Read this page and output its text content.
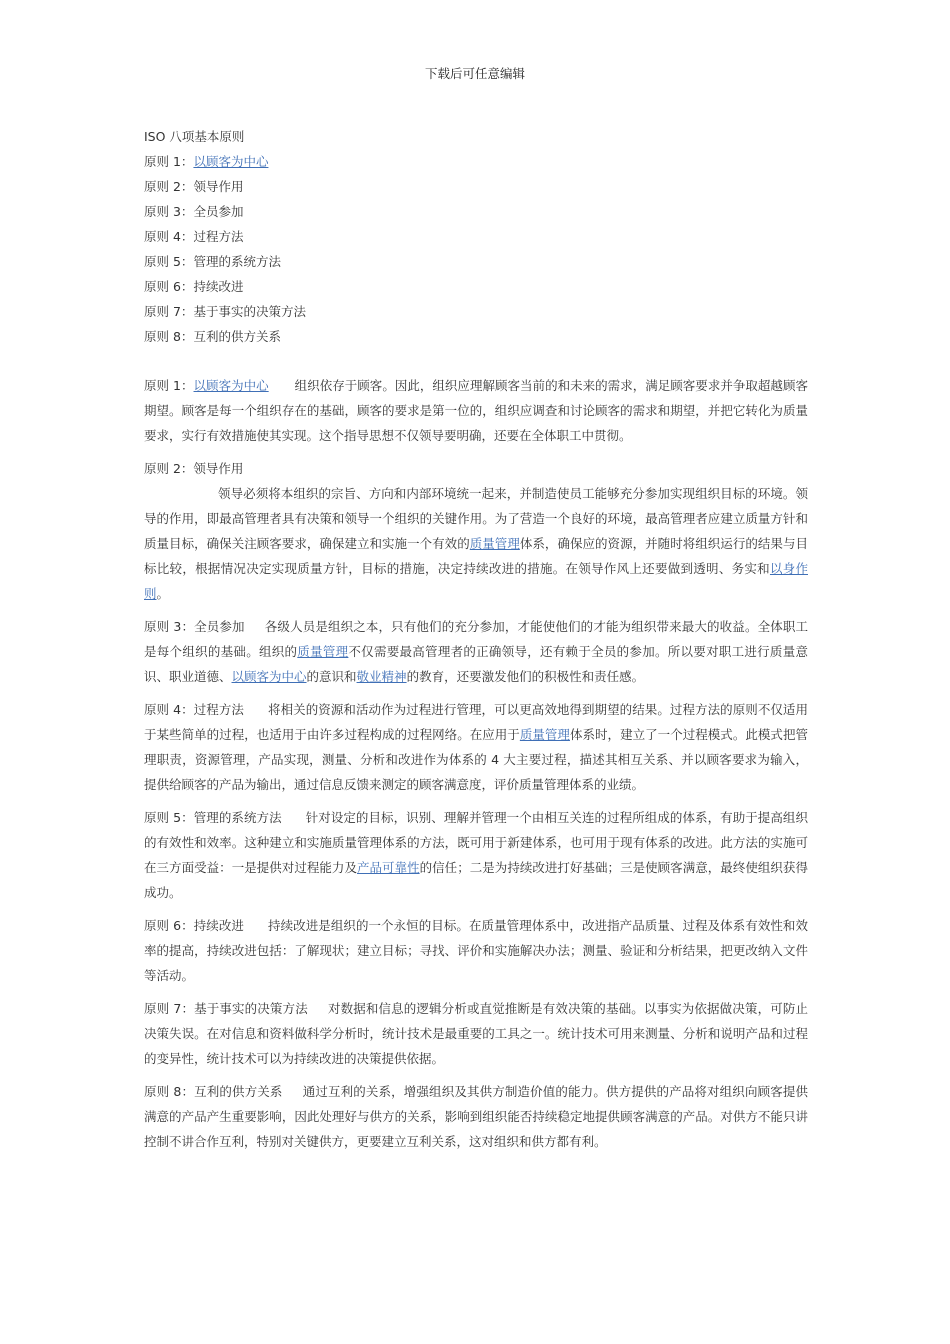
下载后可任意编辑
ISO 八项基本原则
原则 1：以顾客为中心
原则 2：领导作用
原则 3：全员参加
原则 4：过程方法
原则 5：管理的系统方法
原则 6：持续改进
原则 7：基于事实的决策方法
原则 8：互利的供方关系

原则 1：以顾客为中心 组织依存于顾客。因此，组织应理解顾客当前的和未来的需求，满足顾客要求并争取超越顾客期望。顾客是每一个组织存在的基础，顾客的要求是第一位的，组织应调查和讨论顾客的需求和期望，并把它转化为质量要求，实行有效措施使其实现。这个指导思想不仅领导要明确，还要在全体职工中贯彻。

原则 2：领导作用

领导必须将本组织的宗旨、方向和内部环境统一起来，并制造使员工能够充分参加实现组织目标的环境。领导的作用，即最高管理者具有决策和领导一个组织的关键作用。为了营造一个良好的环境，最高管理者应建立质量方针和质量目标，确保关注顾客要求，确保建立和实施一个有效的质量管理体系，确保应的资源，并随时将组织运行的结果与目标比较，根据情况决定实现质量方针，目标的措施，决定持续改进的措施。在领导作风上还要做到透明、务实和以身作则。

原则 3：全员参加 各级人员是组织之本，只有他们的充分参加，才能使他们的才能为组织带来最大的收益。全体职工是每个组织的基础。组织的质量管理不仅需要最高管理者的正确领导，还有赖于全员的参加。所以要对职工进行质量意识、职业道德、以顾客为中心的意识和敬业精神的教育，还要激发他们的积极性和责任感。

原则 4：过程方法 将相关的资源和活动作为过程进行管理，可以更高效地得到期望的结果。过程方法的原则不仅适用于某些简单的过程，也适用于由许多过程构成的过程网络。在应用于质量管理体系时，建立了一个过程模式。此模式把管理职责，资源管理，产品实现，测量、分析和改进作为体系的 4 大主要过程，描述其相互关系、并以顾客要求为输入，提供给顾客的产品为输出，通过信息反馈来测定的顾客满意度，评价质量管理体系的业绩。

原则 5：管理的系统方法 针对设定的目标，识别、理解并管理一个由相互关连的过程所组成的体系，有助于提高组织的有效性和效率。这种建立和实施质量管理体系的方法，既可用于新建体系，也可用于现有体系的改进。此方法的实施可在三方面受益：一是提供对过程能力及产品可靠性的信任；二是为持续改进打好基础；三是使顾客满意，最终使组织获得成功。

原则 6：持续改进 持续改进是组织的一个永恒的目标。在质量管理体系中，改进指产品质量、过程及体系有效性和效率的提高，持续改进包括：了解现状；建立目标；寻找、评价和实施解决办法；测量、验证和分析结果，把更改纳入文件等活动。

原则 7：基于事实的决策方法 对数据和信息的逻辑分析或直觉推断是有效决策的基础。以事实为依据做决策，可防止决策失误。在对信息和资料做科学分析时，统计技术是最重要的工具之一。统计技术可用来测量、分析和说明产品和过程的变异性，统计技术可以为持续改进的决策提供依据。

原则 8：互利的供方关系 通过互利的关系，增强组织及其供方制造价值的能力。供方提供的产品将对组织向顾客提供满意的产品产生重要影响，因此处理好与供方的关系，影响到组织能否持续稳定地提供顾客满意的产品。对供方不能只讲控制不讲合作互利，特别对关键供方，更要建立互利关系，这对组织和供方都有利。
